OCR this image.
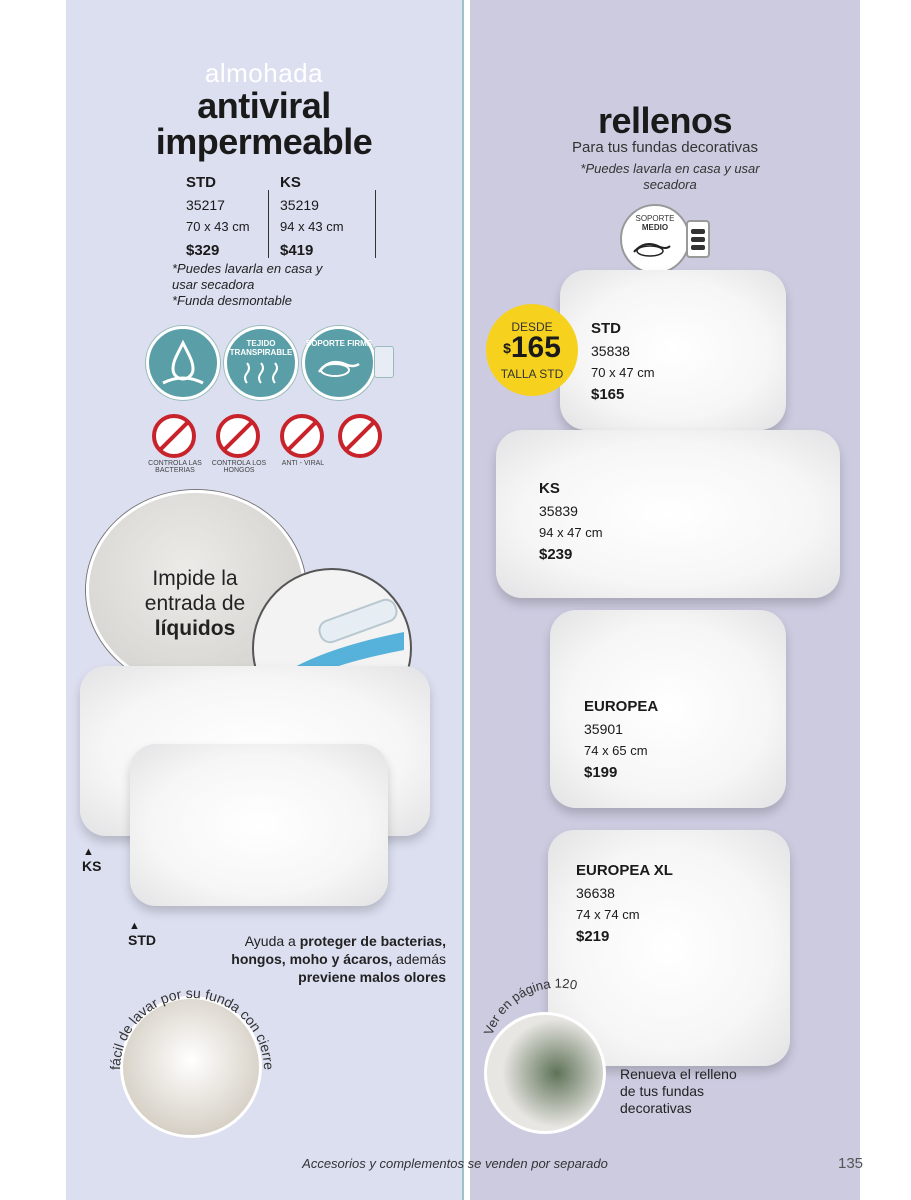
almohada
antiviral
impermeable
STD
35217
70 x 43 cm
$329
KS
35219
94 x 43 cm
$419
*Puedes lavarla en casa y
usar secadora
*Funda desmontable
TEJIDO TRANSPIRABLE
SOPORTE FIRME
CONTROLA LAS BACTERIAS
CONTROLA LOS HONGOS
ANTI - VIRAL
Impide la
entrada de
líquidos
▲
KS
▲
STD	Ayuda a proteger de bacterias,
hongos, moho y ácaros, además
previene malos olores
fácil de lavar por su funda con cierre
rellenos
Para tus fundas decorativas
*Puedes lavarla en casa y usar
secadora
SOPORTE
MEDIO
DESDE
$165
TALLA STD
STD
35838
70 x 47 cm
$165
KS
35839
94 x 47 cm
$239
EUROPEA
35901
74 x 65 cm
$199
EUROPEA XL
36638
74 x 74 cm
$219
Ver en página 120
Renueva el relleno
de tus fundas
decorativas
Accesorios y complementos se venden por separado	135
